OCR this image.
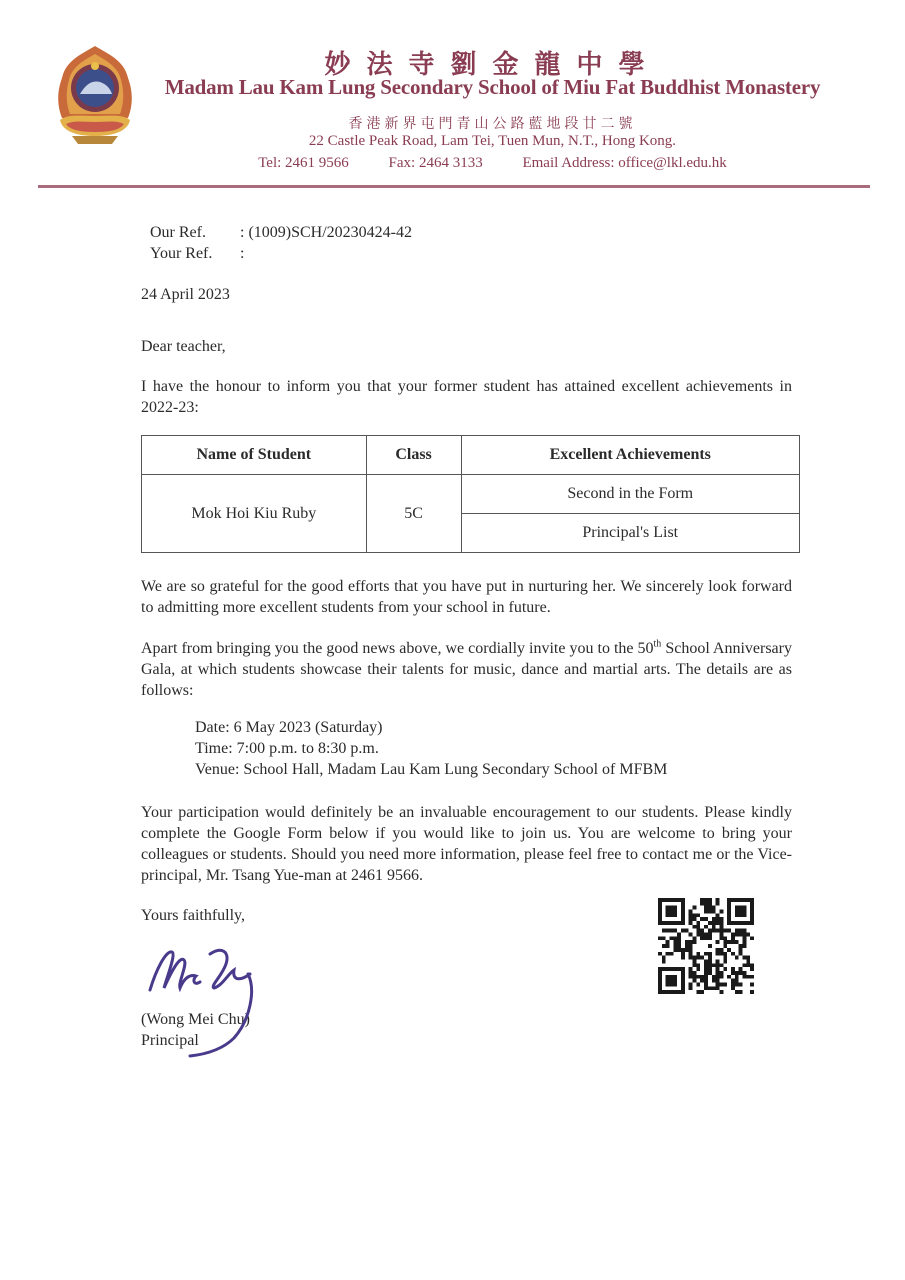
妙法寺劉金龍中學
Madam Lau Kam Lung Secondary School of Miu Fat Buddhist Monastery
香港新界屯門青山公路藍地段廿二號
22 Castle Peak Road, Lam Tei, Tuen Mun, N.T., Hong Kong.
Tel: 2461 9566	Fax: 2464 3133	Email Address: office@lkl.edu.hk
Our Ref. : (1009)SCH/20230424-42
Your Ref. :
24 April 2023
Dear teacher,
I have the honour to inform you that your former student has attained excellent achievements in 2022-23:
Name of Student	Class	Excellent Achievements
Mok Hoi Kiu Ruby	5C	Second in the Form
		Principal's List
We are so grateful for the good efforts that you have put in nurturing her. We sincerely look forward to admitting more excellent students from your school in future.
Apart from bringing you the good news above, we cordially invite you to the 50th School Anniversary Gala, at which students showcase their talents for music, dance and martial arts. The details are as follows:
Date: 6 May 2023 (Saturday)
Time: 7:00 p.m. to 8:30 p.m.
Venue: School Hall, Madam Lau Kam Lung Secondary School of MFBM
Your participation would definitely be an invaluable encouragement to our students. Please kindly complete the Google Form below if you would like to join us. You are welcome to bring your colleagues or students. Should you need more information, please feel free to contact me or the Vice-principal, Mr. Tsang Yue-man at 2461 9566.
Yours faithfully,
(Wong Mei Chu)
Principal
